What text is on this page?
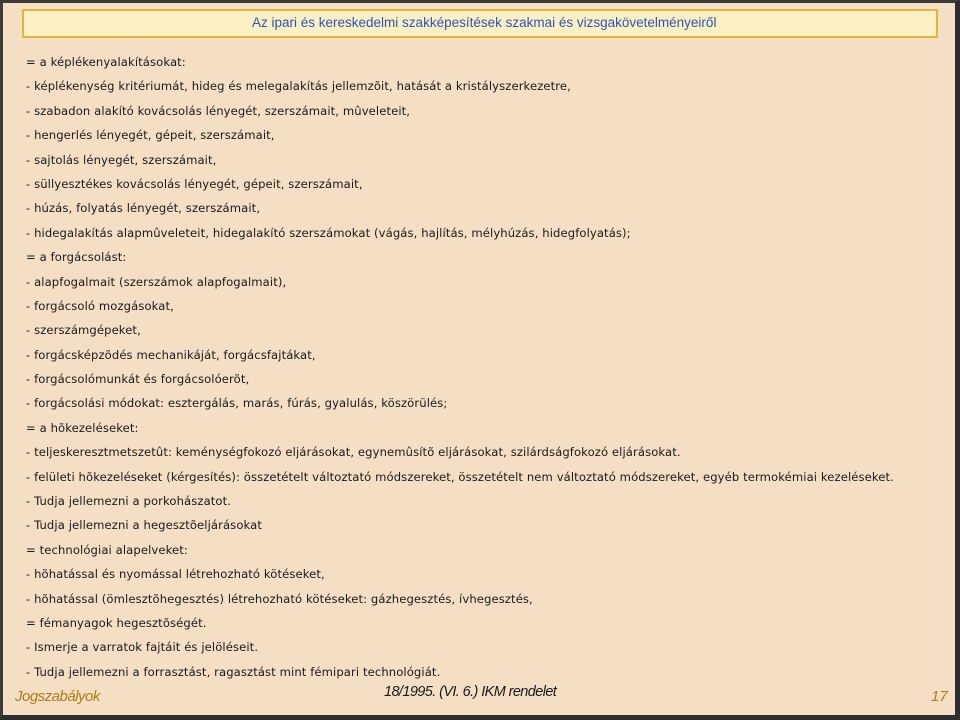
Az ipari és kereskedelmi szakképesítések szakmai és vizsgakövetelményeiről
= a képlékenyalakításokat:
- képlékenység kritériumát, hideg és melegalakítás jellemzõit, hatását a kristályszerkezetre,
- szabadon alakító kovácsolás lényegét, szerszámait, mûveleteit,
- hengerlés lényegét, gépeit, szerszámait,
- sajtolás lényegét, szerszámait,
- süllyesztékes kovácsolás lényegét, gépeit, szerszámait,
- húzás, folyatás lényegét, szerszámait,
- hidegalakítás alapmûveleteit, hidegalakító szerszámokat (vágás, hajlítás, mélyhúzás, hidegfolyatás);
= a forgácsolást:
- alapfogalmait (szerszámok alapfogalmait),
- forgácsoló mozgásokat,
- szerszámgépeket,
- forgácsképzõdés mechanikáját, forgácsfajtákat,
- forgácsolómunkát és forgácsolóerõt,
- forgácsolási módokat: esztergálás, marás, fúrás, gyalulás, köszörülés;
= a hõkezeléseket:
- teljeskeresztmetszetût: keménységfokozó eljárásokat, egynemûsítõ eljárásokat, szilárdságfokozó eljárásokat.
- felületi hõkezeléseket (kérgesítés): összetételt változtató módszereket, összetételt nem változtató módszereket, egyéb termokémiai kezeléseket.
- Tudja jellemezni a porkohászatot.
- Tudja jellemezni a hegesztõeljárásokat
= technológiai alapelveket:
- hõhatással és nyomással létrehozható kötéseket,
- hõhatással (ömlesztõhegesztés) létrehozható kötéseket: gázhegesztés, ívhegesztés,
= fémanyagok hegesztõségét.
- Ismerje a varratok fajtáit és jelöléseit.
- Tudja jellemezni a forrasztást, ragasztást mint fémipari technológiát.
Jogszabályok	18/1995. (VI. 6.) IKM rendelet	17
